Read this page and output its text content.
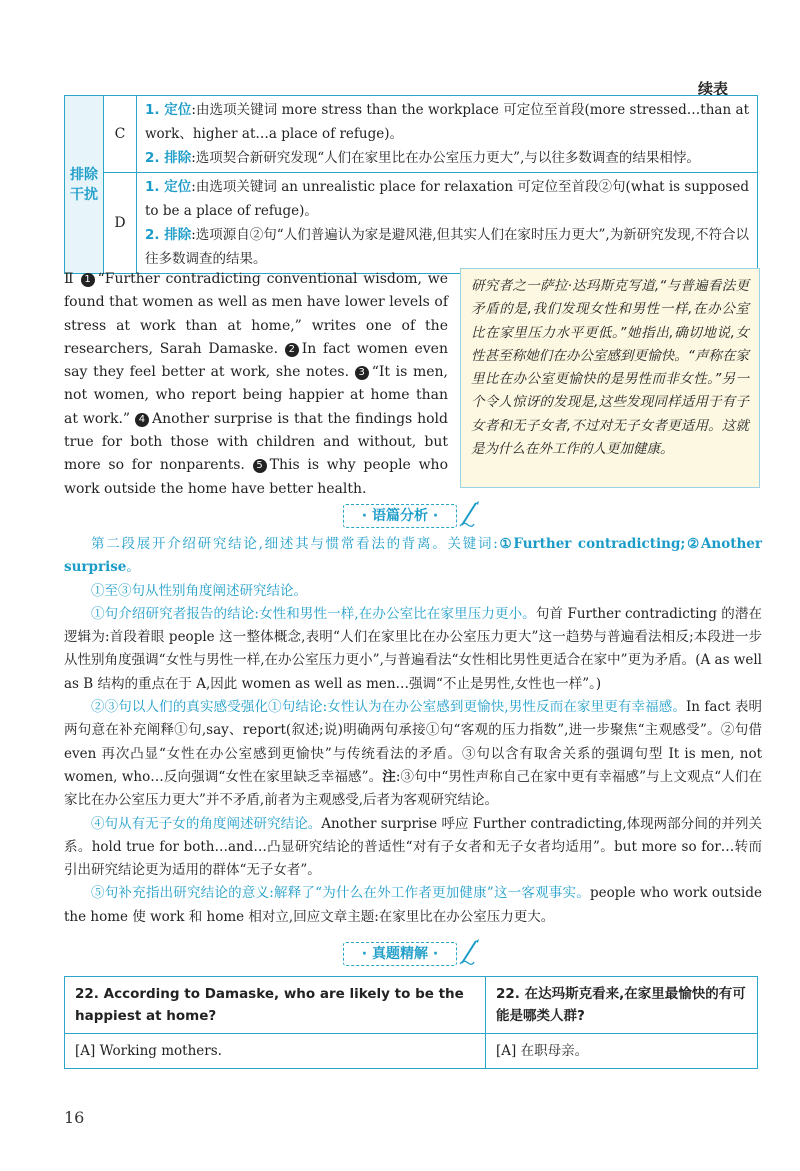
续表
排除干扰	C	1. 定位:由选项关键词 more stress than the workplace 可定位至首段(more stressed…than at work、higher at…a place of refuge)。
2. 排除:选项契合新研究发现“人们在家里比在办公室压力更大”,与以往多数调查的结果相悖。

	D	1. 定位:由选项关键词 an unrealistic place for relaxation 可定位至首段②句(what is supposed to be a place of refuge)。
2. 排除:选项源自②句“人们普遍认为家是避风港,但其实人们在家时压力更大”,为新研究发现,不符合以往多数调查的结果。
Ⅱ 1 “Further contradicting conventional wisdom, we found that women as well as men have lower levels of stress at work than at home,” writes one of the researchers, Sarah Damaske. 2 In fact women even say they feel better at work, she notes. 3 “It is men, not women, who report being happier at home than at work.” 4 Another surprise is that the findings hold true for both those with children and without, but more so for nonparents. 5 This is why people who work outside the home have better health.
研究者之一萨拉·达玛斯克写道,“与普遍看法更矛盾的是,我们发现女性和男性一样,在办公室比在家里压力水平更低。”她指出,确切地说,女性甚至称她们在办公室感到更愉快。“声称在家里比在办公室更愉快的是男性而非女性。”另一个令人惊讶的发现是,这些发现同样适用于有子女者和无子女者,不过对无子女者更适用。这就是为什么在外工作的人更加健康。
· 语篇分析 ·

第二段展开介绍研究结论,细述其与惯常看法的背离。关键词:①Further contradicting;②Another surprise。

①至③句从性别角度阐述研究结论。

①句介绍研究者报告的结论:女性和男性一样,在办公室比在家里压力更小。句首 Further contradicting 的潜在逻辑为:首段着眼 people 这一整体概念,表明“人们在家里比在办公室压力更大”这一趋势与普遍看法相反;本段进一步从性别角度强调“女性与男性一样,在办公室压力更小”,与普遍看法“女性相比男性更适合在家中”更为矛盾。(A as well as B 结构的重点在于 A,因此 women as well as men…强调“不止是男性,女性也一样”。)

②③句以人们的真实感受强化①句结论:女性认为在办公室感到更愉快,男性反而在家里更有幸福感。In fact 表明两句意在补充阐释①句,say、report(叙述;说)明确两句承接①句“客观的压力指数”,进一步聚焦“主观感受”。②句借 even 再次凸显“女性在办公室感到更愉快”与传统看法的矛盾。③句以含有取舍关系的强调句型 It is men, not women, who…反向强调“女性在家里缺乏幸福感”。注:③句中“男性声称自己在家中更有幸福感”与上文观点“人们在家比在办公室压力更大”并不矛盾,前者为主观感受,后者为客观研究结论。

④句从有无子女的角度阐述研究结论。Another surprise 呼应 Further contradicting,体现两部分间的并列关系。hold true for both…and…凸显研究结论的普适性“对有子女者和无子女者均适用”。but more so for…转而引出研究结论更为适用的群体“无子女者”。

⑤句补充指出研究结论的意义:解释了“为什么在外工作者更加健康”这一客观事实。people who work outside the home 使 work 和 home 相对立,回应文章主题:在家里比在办公室压力更大。

· 真题精解 ·
22. According to Damaske, who are likely to be the happiest at home?	22. 在达玛斯克看来,在家里最愉快的有可能是哪类人群?
[A] Working mothers.	[A] 在职母亲。
16
